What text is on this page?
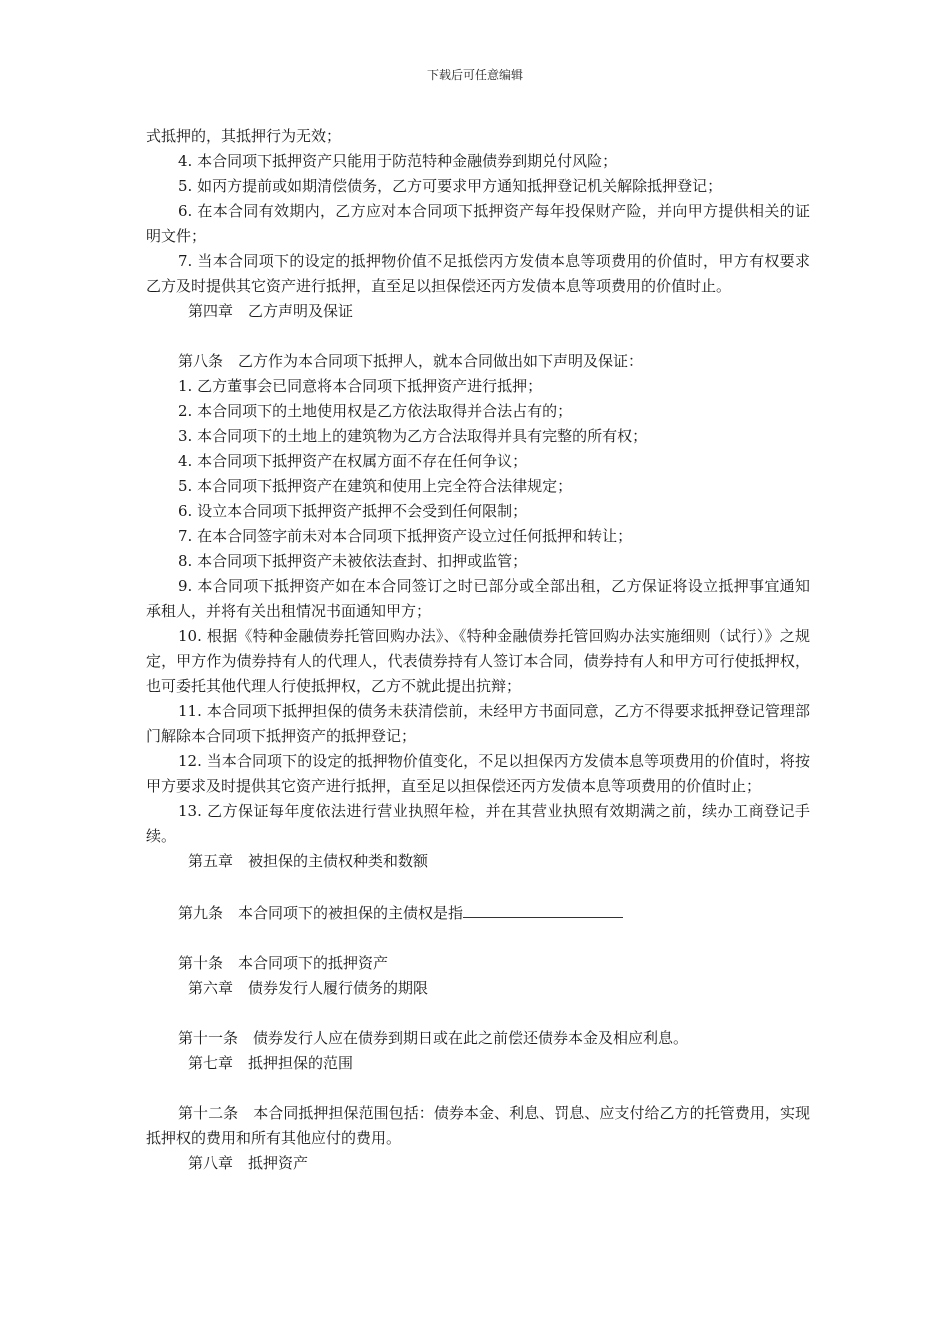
下载后可任意编辑

式抵押的，其抵押行为无效；

4. 本合同项下抵押资产只能用于防范特种金融债券到期兑付风险；

5. 如丙方提前或如期清偿债务，乙方可要求甲方通知抵押登记机关解除抵押登记；

6. 在本合同有效期内，乙方应对本合同项下抵押资产每年投保财产险，并向甲方提供相关的证明文件；

7. 当本合同项下的设定的抵押物价值不足抵偿丙方发债本息等项费用的价值时，甲方有权要求乙方及时提供其它资产进行抵押，直至足以担保偿还丙方发债本息等项费用的价值时止。

第四章　乙方声明及保证

第八条　乙方作为本合同项下抵押人，就本合同做出如下声明及保证：

1. 乙方董事会已同意将本合同项下抵押资产进行抵押；

2. 本合同项下的土地使用权是乙方依法取得并合法占有的；

3. 本合同项下的土地上的建筑物为乙方合法取得并具有完整的所有权；

4. 本合同项下抵押资产在权属方面不存在任何争议；

5. 本合同项下抵押资产在建筑和使用上完全符合法律规定；

6. 设立本合同项下抵押资产抵押不会受到任何限制；

7. 在本合同签字前未对本合同项下抵押资产设立过任何抵押和转让；

8. 本合同项下抵押资产未被依法查封、扣押或监管；

9. 本合同项下抵押资产如在本合同签订之时已部分或全部出租，乙方保证将设立抵押事宜通知承租人，并将有关出租情况书面通知甲方；

10. 根据《特种金融债券托管回购办法》、《特种金融债券托管回购办法实施细则（试行）》之规定，甲方作为债券持有人的代理人，代表债券持有人签订本合同，债券持有人和甲方可行使抵押权，也可委托其他代理人行使抵押权，乙方不就此提出抗辩；

11. 本合同项下抵押担保的债务未获清偿前，未经甲方书面同意，乙方不得要求抵押登记管理部门解除本合同项下抵押资产的抵押登记；

12. 当本合同项下的设定的抵押物价值变化，不足以担保丙方发债本息等项费用的价值时，将按甲方要求及时提供其它资产进行抵押，直至足以担保偿还丙方发债本息等项费用的价值时止；

13. 乙方保证每年度依法进行营业执照年检，并在其营业执照有效期满之前，续办工商登记手续。

第五章　被担保的主债权种类和数额

第九条　本合同项下的被担保的主债权是指

第十条　本合同项下的抵押资产

第六章　债券发行人履行债务的期限

第十一条　债券发行人应在债券到期日或在此之前偿还债券本金及相应利息。

第七章　抵押担保的范围

第十二条　本合同抵押担保范围包括：债券本金、利息、罚息、应支付给乙方的托管费用，实现抵押权的费用和所有其他应付的费用。

第八章　抵押资产
